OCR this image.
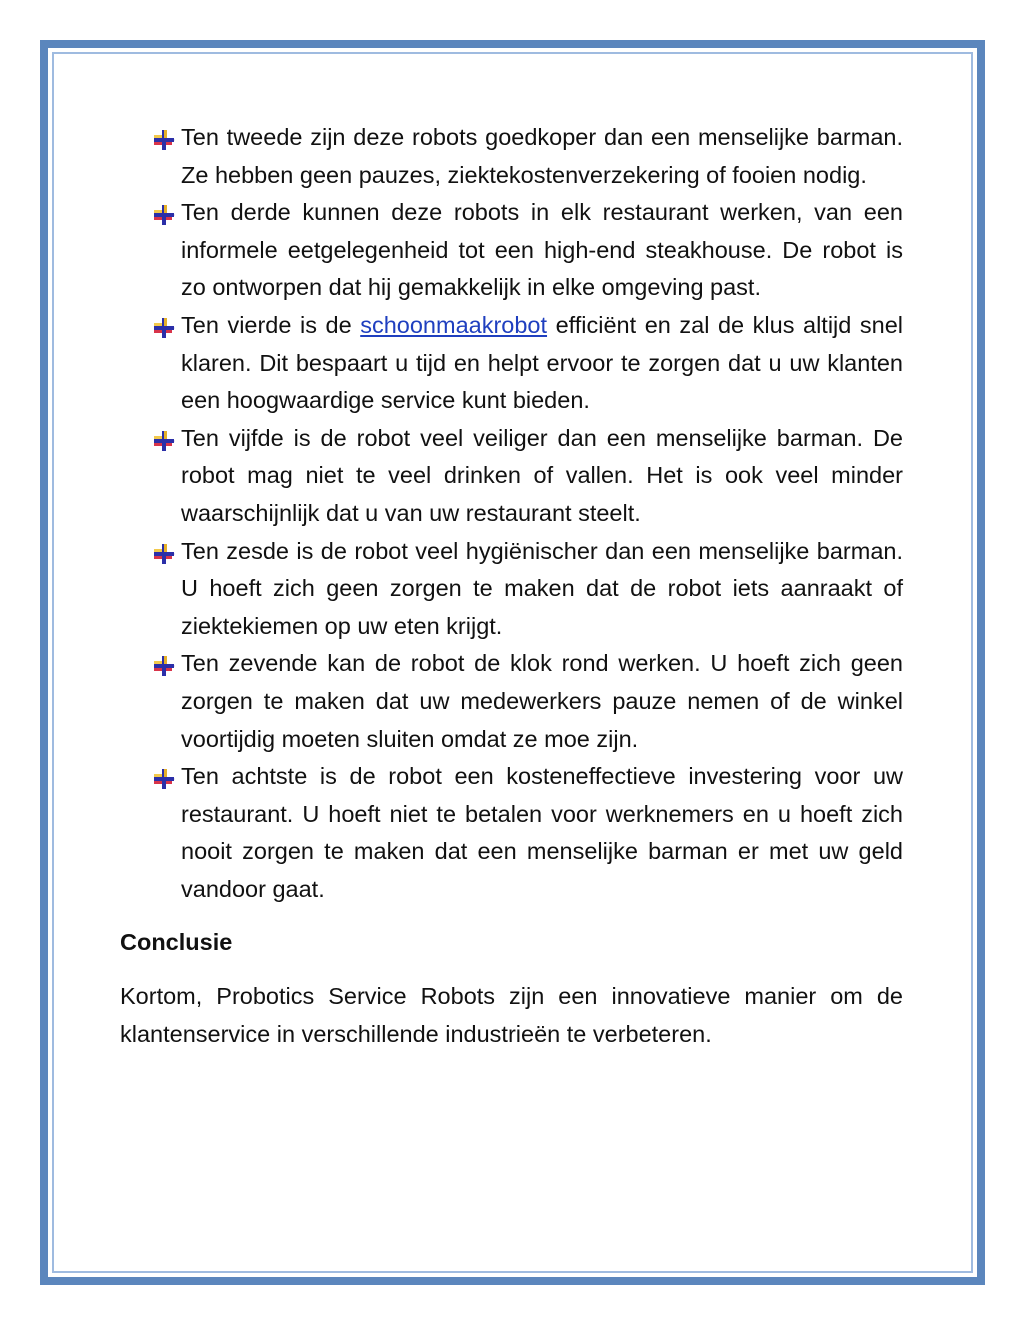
Ten tweede zijn deze robots goedkoper dan een menselijke barman. Ze hebben geen pauzes, ziektekostenverzekering of fooien nodig.
Ten derde kunnen deze robots in elk restaurant werken, van een informele eetgelegenheid tot een high-end steakhouse. De robot is zo ontworpen dat hij gemakkelijk in elke omgeving past.
Ten vierde is de schoonmaakrobot efficiënt en zal de klus altijd snel klaren. Dit bespaart u tijd en helpt ervoor te zorgen dat u uw klanten een hoogwaardige service kunt bieden.
Ten vijfde is de robot veel veiliger dan een menselijke barman. De robot mag niet te veel drinken of vallen. Het is ook veel minder waarschijnlijk dat u van uw restaurant steelt.
Ten zesde is de robot veel hygiënischer dan een menselijke barman. U hoeft zich geen zorgen te maken dat de robot iets aanraakt of ziektekiemen op uw eten krijgt.
Ten zevende kan de robot de klok rond werken. U hoeft zich geen zorgen te maken dat uw medewerkers pauze nemen of de winkel voortijdig moeten sluiten omdat ze moe zijn.
Ten achtste is de robot een kosteneffectieve investering voor uw restaurant. U hoeft niet te betalen voor werknemers en u hoeft zich nooit zorgen te maken dat een menselijke barman er met uw geld vandoor gaat.
Conclusie

Kortom, Probotics Service Robots zijn een innovatieve manier om de klantenservice in verschillende industrieën te verbeteren.
